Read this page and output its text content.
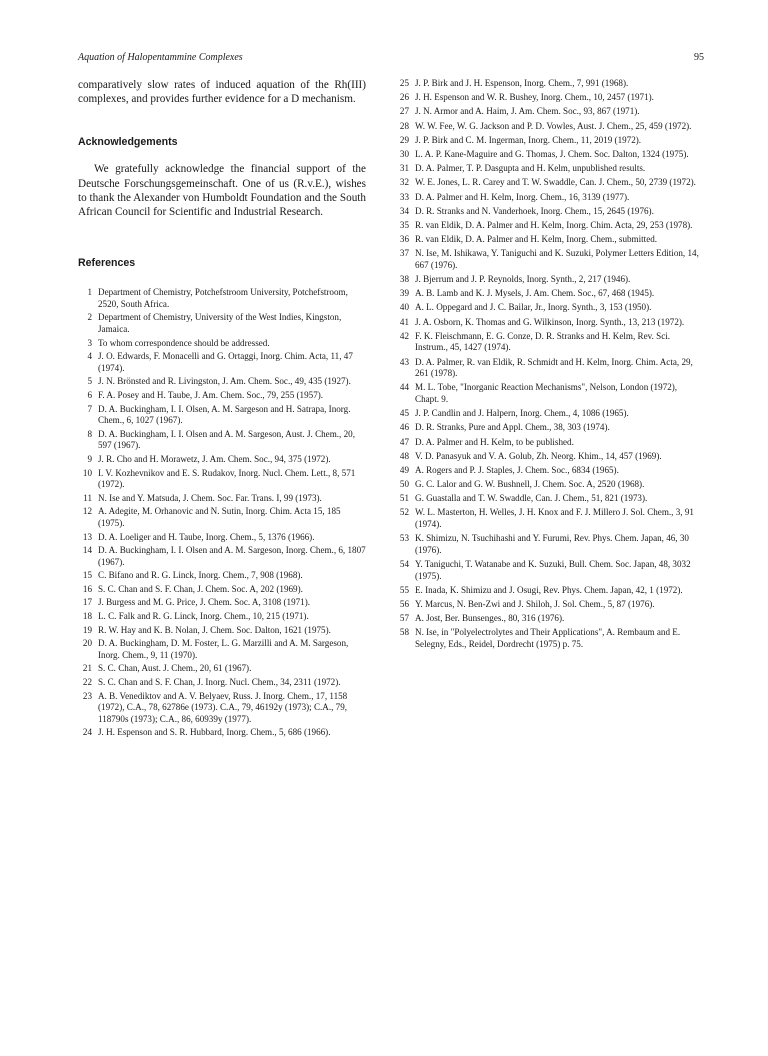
Aquation of Halopentammine Complexes	95

comparatively slow rates of induced aquation of the Rh(III) complexes, and provides further evidence for a D mechanism.

Acknowledgements

We gratefully acknowledge the financial support of the Deutsche Forschungsgemeinschaft. One of us (R.v.E.), wishes to thank the Alexander von Humboldt Foundation and the South African Council for Scientific and Industrial Research.

References
1 Department of Chemistry, Potchefstroom University, Potchefstroom, 2520, South Africa.
2 Department of Chemistry, University of the West Indies, Kingston, Jamaica.
3 To whom correspondence should be addressed.
4 J. O. Edwards, F. Monacelli and G. Ortaggi, Inorg. Chim. Acta, 11, 47 (1974).
5 J. N. Brönsted and R. Livingston, J. Am. Chem. Soc., 49, 435 (1927).
6 F. A. Posey and H. Taube, J. Am. Chem. Soc., 79, 255 (1957).
7 D. A. Buckingham, I. I. Olsen, A. M. Sargeson and H. Satrapa, Inorg. Chem., 6, 1027 (1967).
8 D. A. Buckingham, I. I. Olsen and A. M. Sargeson, Aust. J. Chem., 20, 597 (1967).
9 J. R. Cho and H. Morawetz, J. Am. Chem. Soc., 94, 375 (1972).
10 I. V. Kozhevnikov and E. S. Rudakov, Inorg. Nucl. Chem. Lett., 8, 571 (1972).
11 N. Ise and Y. Matsuda, J. Chem. Soc. Far. Trans. I, 99 (1973).
12 A. Adegite, M. Orhanovic and N. Sutin, Inorg. Chim. Acta 15, 185 (1975).
13 D. A. Loeliger and H. Taube, Inorg. Chem., 5, 1376 (1966).
14 D. A. Buckingham, I. I. Olsen and A. M. Sargeson, Inorg. Chem., 6, 1807 (1967).
15 C. Bifano and R. G. Linck, Inorg. Chem., 7, 908 (1968).
16 S. C. Chan and S. F. Chan, J. Chem. Soc. A, 202 (1969).
17 J. Burgess and M. G. Price, J. Chem. Soc. A, 3108 (1971).
18 L. C. Falk and R. G. Linck, Inorg. Chem., 10, 215 (1971).
19 R. W. Hay and K. B. Nolan, J. Chem. Soc. Dalton, 1621 (1975).
20 D. A. Buckingham, D. M. Foster, L. G. Marzilli and A. M. Sargeson, Inorg. Chem., 9, 11 (1970).
21 S. C. Chan, Aust. J. Chem., 20, 61 (1967).
22 S. C. Chan and S. F. Chan, J. Inorg. Nucl. Chem., 34, 2311 (1972).
23 A. B. Venediktov and A. V. Belyaev, Russ. J. Inorg. Chem., 17, 1158 (1972), C.A., 78, 62786e (1973). C.A., 79, 46192y (1973); C.A., 79, 118790s (1973); C.A., 86, 60939y (1977).
24 J. H. Espenson and S. R. Hubbard, Inorg. Chem., 5, 686 (1966).
25 J. P. Birk and J. H. Espenson, Inorg. Chem., 7, 991 (1968).
26 J. H. Espenson and W. R. Bushey, Inorg. Chem., 10, 2457 (1971).
27 J. N. Armor and A. Haim, J. Am. Chem. Soc., 93, 867 (1971).
28 W. W. Fee, W. G. Jackson and P. D. Vowles, Aust. J. Chem., 25, 459 (1972).
29 J. P. Birk and C. M. Ingerman, Inorg. Chem., 11, 2019 (1972).
30 L. A. P. Kane-Maguire and G. Thomas, J. Chem. Soc. Dalton, 1324 (1975).
31 D. A. Palmer, T. P. Dasgupta and H. Kelm, unpublished results.
32 W. E. Jones, L. R. Carey and T. W. Swaddle, Can. J. Chem., 50, 2739 (1972).
33 D. A. Palmer and H. Kelm, Inorg. Chem., 16, 3139 (1977).
34 D. R. Stranks and N. Vanderhoek, Inorg. Chem., 15, 2645 (1976).
35 R. van Eldik, D. A. Palmer and H. Kelm, Inorg. Chim. Acta, 29, 253 (1978).
36 R. van Eldik, D. A. Palmer and H. Kelm, Inorg. Chem., submitted.
37 N. Ise, M. Ishikawa, Y. Taniguchi and K. Suzuki, Polymer Letters Edition, 14, 667 (1976).
38 J. Bjerrum and J. P. Reynolds, Inorg. Synth., 2, 217 (1946).
39 A. B. Lamb and K. J. Mysels, J. Am. Chem. Soc., 67, 468 (1945).
40 A. L. Oppegard and J. C. Bailar, Jr., Inorg. Synth., 3, 153 (1950).
41 J. A. Osborn, K. Thomas and G. Wilkinson, Inorg. Synth., 13, 213 (1972).
42 F. K. Fleischmann, E. G. Conze, D. R. Stranks and H. Kelm, Rev. Sci. Instrum., 45, 1427 (1974).
43 D. A. Palmer, R. van Eldik, R. Schmidt and H. Kelm, Inorg. Chim. Acta, 29, 261 (1978).
44 M. L. Tobe, "Inorganic Reaction Mechanisms", Nelson, London (1972), Chapt. 9.
45 J. P. Candlin and J. Halpern, Inorg. Chem., 4, 1086 (1965).
46 D. R. Stranks, Pure and Appl. Chem., 38, 303 (1974).
47 D. A. Palmer and H. Kelm, to be published.
48 V. D. Panasyuk and V. A. Golub, Zh. Neorg. Khim., 14, 457 (1969).
49 A. Rogers and P. J. Staples, J. Chem. Soc., 6834 (1965).
50 G. C. Lalor and G. W. Bushnell, J. Chem. Soc. A, 2520 (1968).
51 G. Guastalla and T. W. Swaddle, Can. J. Chem., 51, 821 (1973).
52 W. L. Masterton, H. Welles, J. H. Knox and F. J. Millero J. Sol. Chem., 3, 91 (1974).
53 K. Shimizu, N. Tsuchihashi and Y. Furumi, Rev. Phys. Chem. Japan, 46, 30 (1976).
54 Y. Taniguchi, T. Watanabe and K. Suzuki, Bull. Chem. Soc. Japan, 48, 3032 (1975).
55 E. Inada, K. Shimizu and J. Osugi, Rev. Phys. Chem. Japan, 42, 1 (1972).
56 Y. Marcus, N. Ben-Zwi and J. Shiloh, J. Sol. Chem., 5, 87 (1976).
57 A. Jost, Ber. Bunsenges., 80, 316 (1976).
58 N. Ise, in "Polyelectrolytes and Their Applications", A. Rembaum and E. Selegny, Eds., Reidel, Dordrecht (1975) p. 75.
